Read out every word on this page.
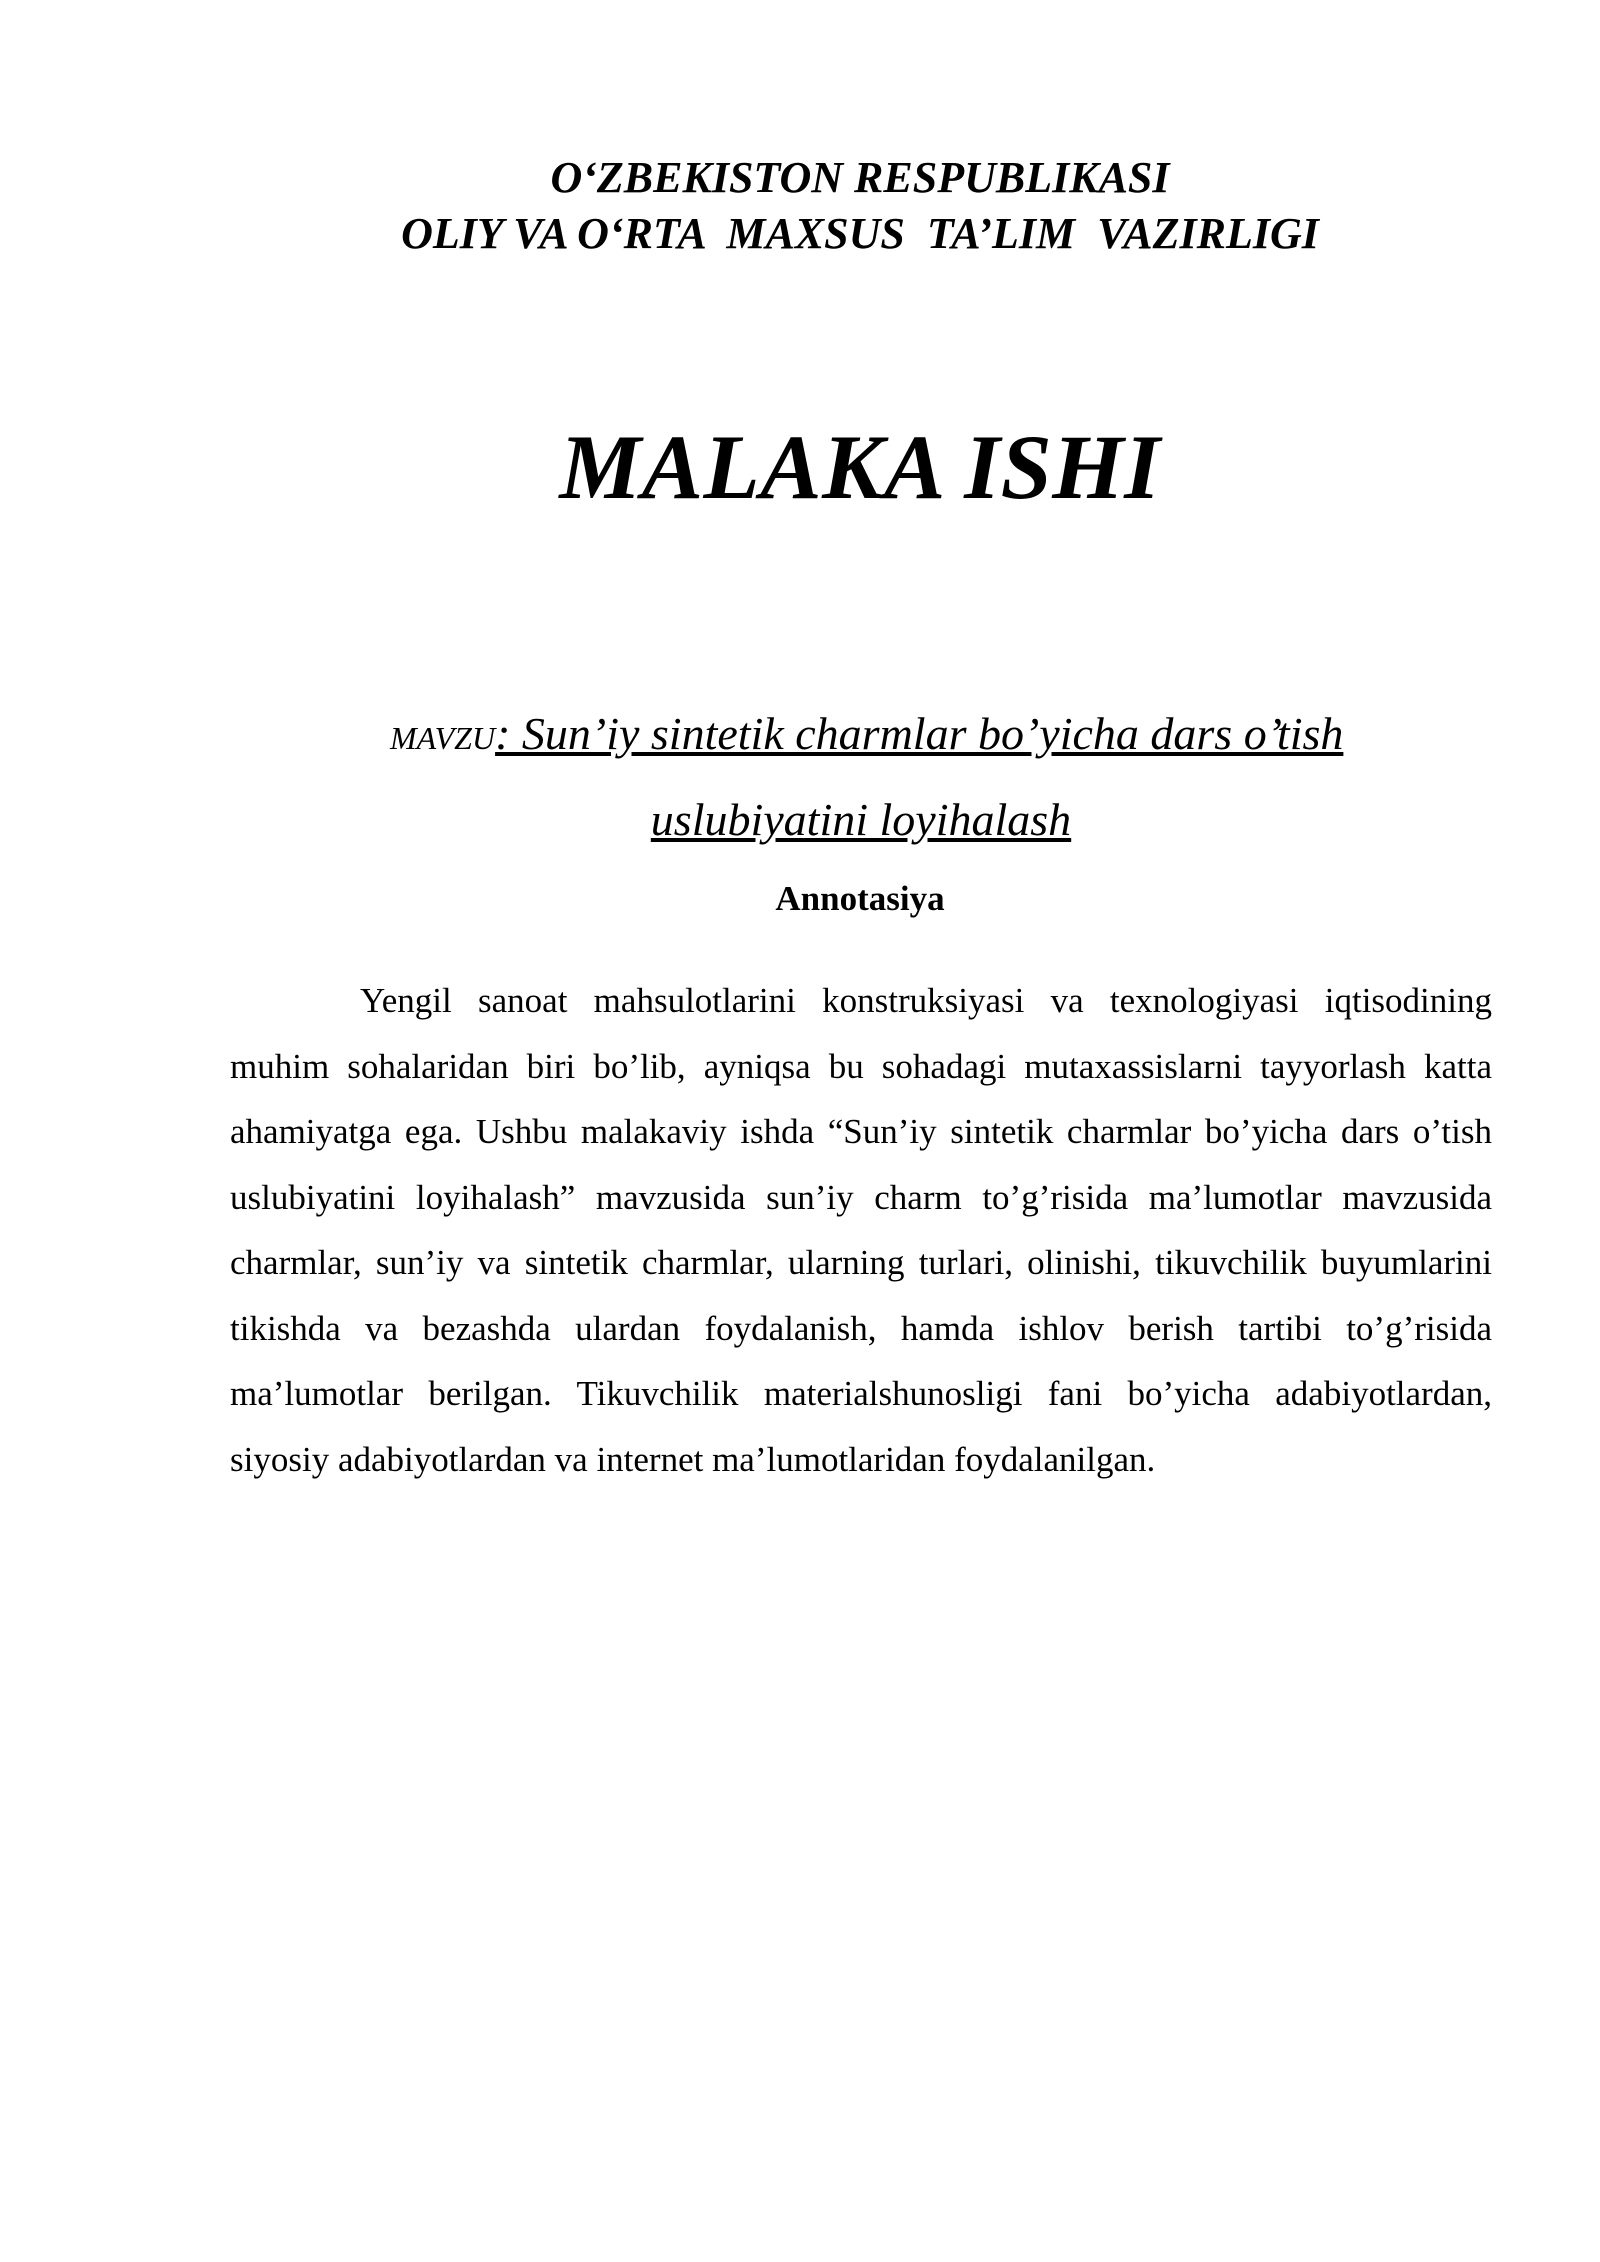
O‘ZBEKISTON RESPUBLIKASI
OLIY VA O‘RTA  MAXSUS  TA’LIM  VAZIRLIGI
MALAKA ISHI
MAVZU: Sun’iy sintetik charmlar bo’yicha dars o’tish
uslubiyatini loyihalash
Annotasiya

Yengil sanoat mahsulotlarini konstruksiyasi va texnologiyasi iqtisodining muhim sohalaridan biri bo’lib, ayniqsa bu sohadagi mutaxassislarni tayyorlash katta ahamiyatga ega. Ushbu malakaviy ishda “Sun’iy sintetik charmlar bo’yicha dars o’tish uslubiyatini loyihalash” mavzusida sun’iy charm to’g’risida ma’lumotlar mavzusida charmlar, sun’iy va sintetik charmlar, ularning turlari, olinishi, tikuvchilik buyumlarini tikishda va bezashda ulardan foydalanish, hamda ishlov berish tartibi to’g’risida ma’lumotlar berilgan. Tikuvchilik materialshunosligi fani bo’yicha adabiyotlardan, siyosiy adabiyotlardan va internet ma’lumotlaridan foydalanilgan.
